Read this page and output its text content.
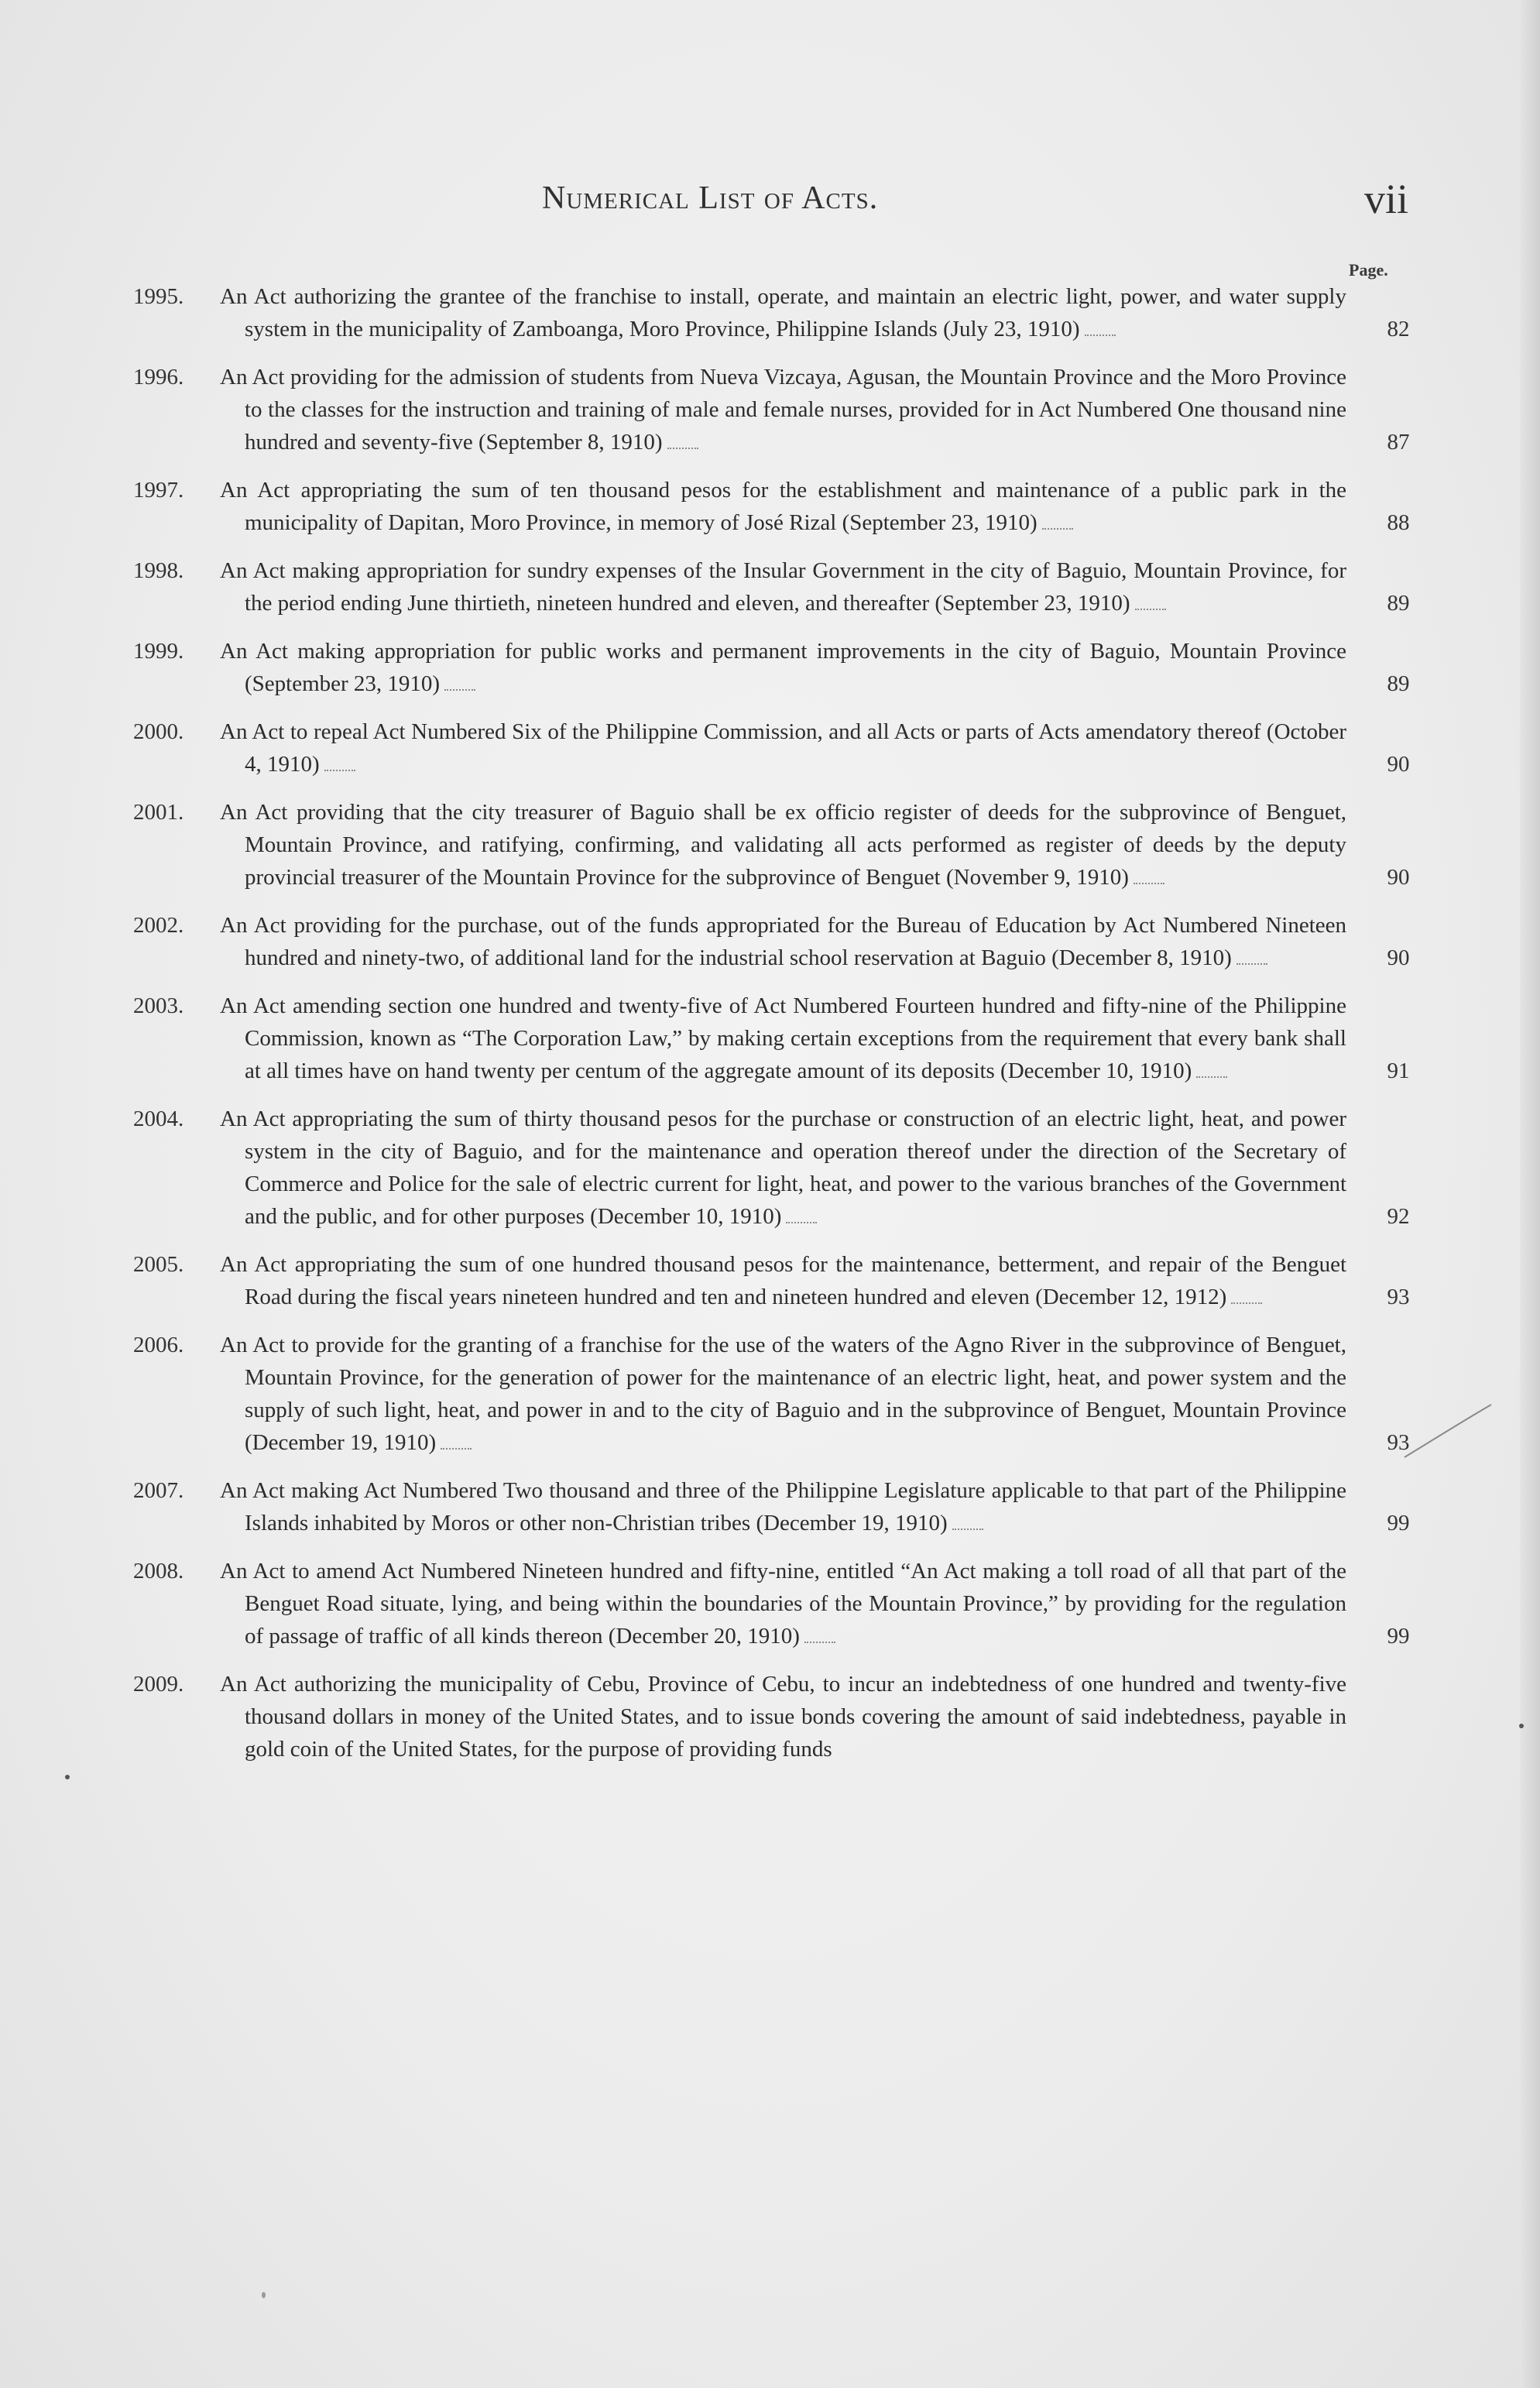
Numerical List of Acts.	vii
Page.
1995. An Act authorizing the grantee of the franchise to install, operate, and maintain an electric light, power, and water supply system in the municipality of Zamboanga, Moro Province, Philippine Islands (July 23, 1910)	82
1996. An Act providing for the admission of students from Nueva Vizcaya, Agusan, the Mountain Province and the Moro Province to the classes for the instruction and training of male and female nurses, provided for in Act Numbered One thousand nine hundred and seventy-five (September 8, 1910)	87
1997. An Act appropriating the sum of ten thousand pesos for the establishment and maintenance of a public park in the municipality of Dapitan, Moro Province, in memory of José Rizal (September 23, 1910)	88
1998. An Act making appropriation for sundry expenses of the Insular Government in the city of Baguio, Mountain Province, for the period ending June thirtieth, nineteen hundred and eleven, and thereafter (September 23, 1910)	89
1999. An Act making appropriation for public works and permanent improvements in the city of Baguio, Mountain Province (September 23, 1910)	89
2000. An Act to repeal Act Numbered Six of the Philippine Commission, and all Acts or parts of Acts amendatory thereof (October 4, 1910)	90
2001. An Act providing that the city treasurer of Baguio shall be ex officio register of deeds for the subprovince of Benguet, Mountain Province, and ratifying, confirming, and validating all acts performed as register of deeds by the deputy provincial treasurer of the Mountain Province for the subprovince of Benguet (November 9, 1910)	90
2002. An Act providing for the purchase, out of the funds appropriated for the Bureau of Education by Act Numbered Nineteen hundred and ninety-two, of additional land for the industrial school reservation at Baguio (December 8, 1910)	90
2003. An Act amending section one hundred and twenty-five of Act Numbered Fourteen hundred and fifty-nine of the Philippine Commission, known as “The Corporation Law,” by making certain exceptions from the requirement that every bank shall at all times have on hand twenty per centum of the aggregate amount of its deposits (December 10, 1910)	91
2004. An Act appropriating the sum of thirty thousand pesos for the purchase or construction of an electric light, heat, and power system in the city of Baguio, and for the maintenance and operation thereof under the direction of the Secretary of Commerce and Police for the sale of electric current for light, heat, and power to the various branches of the Government and the public, and for other purposes (December 10, 1910)	92
2005. An Act appropriating the sum of one hundred thousand pesos for the maintenance, betterment, and repair of the Benguet Road during the fiscal years nineteen hundred and ten and nineteen hundred and eleven (December 12, 1912)	93
2006. An Act to provide for the granting of a franchise for the use of the waters of the Agno River in the subprovince of Benguet, Mountain Province, for the generation of power for the maintenance of an electric light, heat, and power system and the supply of such light, heat, and power in and to the city of Baguio and in the subprovince of Benguet, Mountain Province (December 19, 1910)	93
2007. An Act making Act Numbered Two thousand and three of the Philippine Legislature applicable to that part of the Philippine Islands inhabited by Moros or other non-Christian tribes (December 19, 1910)	99
2008. An Act to amend Act Numbered Nineteen hundred and fifty-nine, entitled “An Act making a toll road of all that part of the Benguet Road situate, lying, and being within the boundaries of the Mountain Province,” by providing for the regulation of passage of traffic of all kinds thereon (December 20, 1910)	99
2009. An Act authorizing the municipality of Cebu, Province of Cebu, to incur an indebtedness of one hundred and twenty-five thousand dollars in money of the United States, and to issue bonds covering the amount of said indebtedness, payable in gold coin of the United States, for the purpose of providing funds
